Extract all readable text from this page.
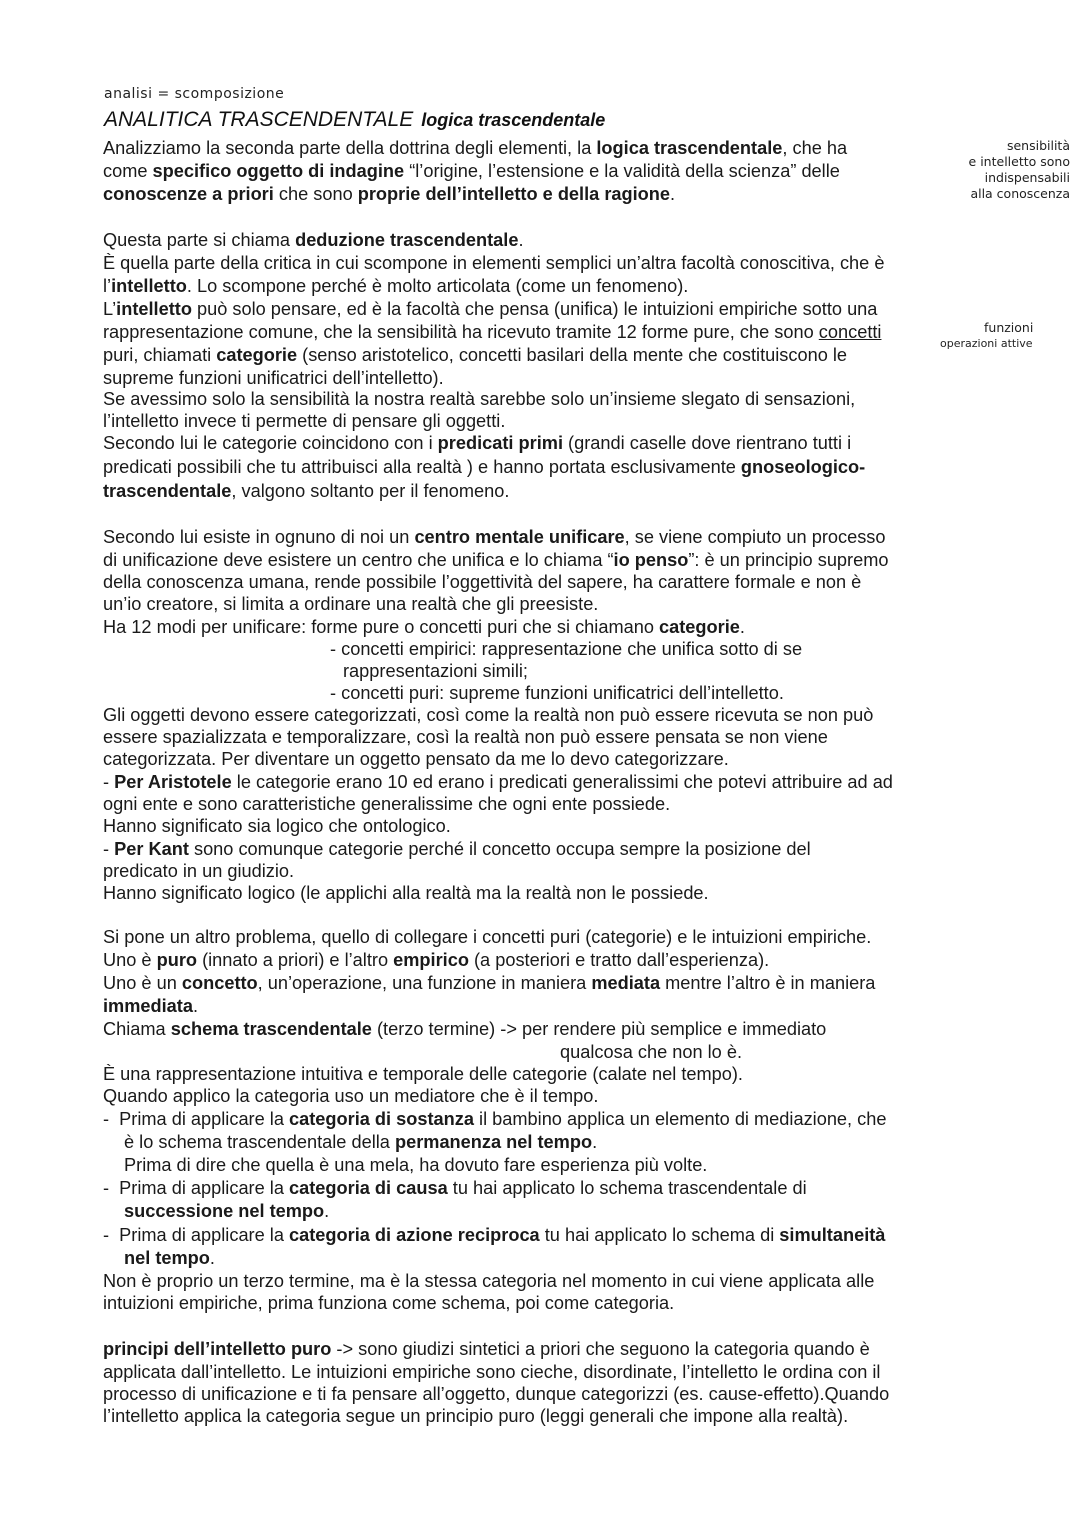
analisi = scomposizione
ANALITICA TRASCENDENTALE logica trascendentale
sensibilità
e intelletto sono
indispensabili
alla conoscenza
funzioni
operazioni attive
Analizziamo la seconda parte della dottrina degli elementi, la logica trascendentale, che ha
come specifico oggetto di indagine “l’origine, l’estensione e la validità della scienza” delle
conoscenze a priori che sono proprie dell’intelletto e della ragione.
Questa parte si chiama deduzione trascendentale.
È quella parte della critica in cui scompone in elementi semplici un’altra facoltà conoscitiva, che è
l’intelletto. Lo scompone perché è molto articolata (come un fenomeno).
L’intelletto può solo pensare, ed è la facoltà che pensa (unifica) le intuizioni empiriche sotto una
rappresentazione comune, che la sensibilità ha ricevuto tramite 12 forme pure, che sono concetti
puri, chiamati categorie (senso aristotelico, concetti basilari della mente che costituiscono le
supreme funzioni unificatrici dell’intelletto).
Se avessimo solo la sensibilità la nostra realtà sarebbe solo un’insieme slegato di sensazioni,
l’intelletto invece ti permette di pensare gli oggetti.
Secondo lui le categorie coincidono con i predicati primi (grandi caselle dove rientrano tutti i
predicati possibili che tu attribuisci alla realtà ) e hanno portata esclusivamente gnoseologico-
trascendentale, valgono soltanto per il fenomeno.
Secondo lui esiste in ognuno di noi un centro mentale unificare, se viene compiuto un processo
di unificazione deve esistere un centro che unifica e lo chiama “io penso”: è un principio supremo
della conoscenza umana, rende possibile l’oggettività del sapere, ha carattere formale e non è
un’io creatore, si limita a ordinare una realtà che gli preesiste.
Ha 12 modi per unificare: forme pure o concetti puri che si chiamano categorie.
- concetti empirici: rappresentazione che unifica sotto di se
rappresentazioni simili;
- concetti puri: supreme funzioni unificatrici dell’intelletto.
Gli oggetti devono essere categorizzati, così come la realtà non può essere ricevuta se non può
essere spazializzata e temporalizzare, così la realtà non può essere pensata se non viene
categorizzata. Per diventare un oggetto pensato da me lo devo categorizzare.
- Per Aristotele le categorie erano 10 ed erano i predicati generalissimi che potevi attribuire ad ad
ogni ente e sono caratteristiche generalissime che ogni ente possiede.
Hanno significato sia logico che ontologico.
- Per Kant sono comunque categorie perché il concetto occupa sempre la posizione del
predicato in un giudizio.
Hanno significato logico (le applichi alla realtà ma la realtà non le possiede.
Si pone un altro problema, quello di collegare i concetti puri (categorie) e le intuizioni empiriche.
Uno è puro (innato a priori) e l’altro empirico (a posteriori e tratto dall’esperienza).
Uno è un concetto, un’operazione, una funzione in maniera mediata mentre l’altro è in maniera
immediata.
Chiama schema trascendentale (terzo termine) -> per rendere più semplice e immediato
qualcosa che non lo è.
È una rappresentazione intuitiva e temporale delle categorie (calate nel tempo).
Quando applico la categoria uso un mediatore che è il tempo.
-  Prima di applicare la categoria di sostanza il bambino applica un elemento di mediazione, che
è lo schema trascendentale della permanenza nel tempo.
Prima di dire che quella è una mela, ha dovuto fare esperienza più volte.
-  Prima di applicare la categoria di causa tu hai applicato lo schema trascendentale di
successione nel tempo.
-  Prima di applicare la categoria di azione reciproca tu hai applicato lo schema di simultaneità
nel tempo.
Non è proprio un terzo termine, ma è la stessa categoria nel momento in cui viene applicata alle
intuizioni empiriche, prima funziona come schema, poi come categoria.
principi dell’intelletto puro -> sono giudizi sintetici a priori che seguono la categoria quando è
applicata dall’intelletto. Le intuizioni empiriche sono cieche, disordinate, l’intelletto le ordina con il
processo di unificazione e ti fa pensare all’oggetto, dunque categorizzi (es. cause-effetto).Quando
l’intelletto applica la categoria segue un principio puro (leggi generali che impone alla realtà).
